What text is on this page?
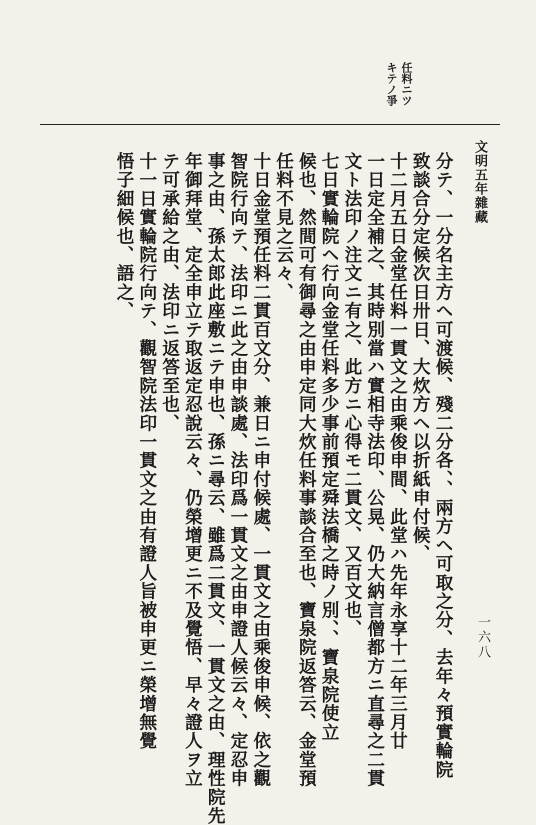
任料ニツ
キテノ爭
文明五年雜藏
一六八
分テ、一分名主方ヘ可渡候、殘二分各、、兩方ヘ可取之分、去年々預實輪院
致談合分定候次日卅日、大炊方ヘ以折紙申付候、
十二月五日金堂任料一貫文之由乘俊申間、此堂ハ先年永享十二年三月廿
一日定全補之、其時別當ハ實相寺法印、公晃、仍大納言僧都方ニ直尋之二貫
文ト法印ノ注文ニ有之、此方ニ心得モ二貫文、又百文也、
七日實輪院ヘ行向金堂任料多少事前預定舜法橋之時ノ別、、寶泉院使立
候也、然間可有御尋之由申定同大炊任料事談合至也、寶泉院返答云、金堂預
任料不見之云々、
十日金堂預任料二貫百文分、兼日ニ申付候處、一貫文之由乘俊申候、依之觀
智院行向テ、法印ニ此之由申談處、法印爲一貫文之由申證人候云々、定忍申
事之由、孫太郎此座敷ニテ申也、孫ニ尋云、雖爲二貫文、一貫文之由、理性院先
年御拜堂、定全申立テ取返定忍說云々、仍榮增更ニ不及覺悟、早々證人ヲ立
テ可承給之由、法印ニ返答至也、
十一日實輪院行向テ、觀智院法印一貫文之由有證人旨被申更ニ榮增無覺
悟子細候也、語之、
